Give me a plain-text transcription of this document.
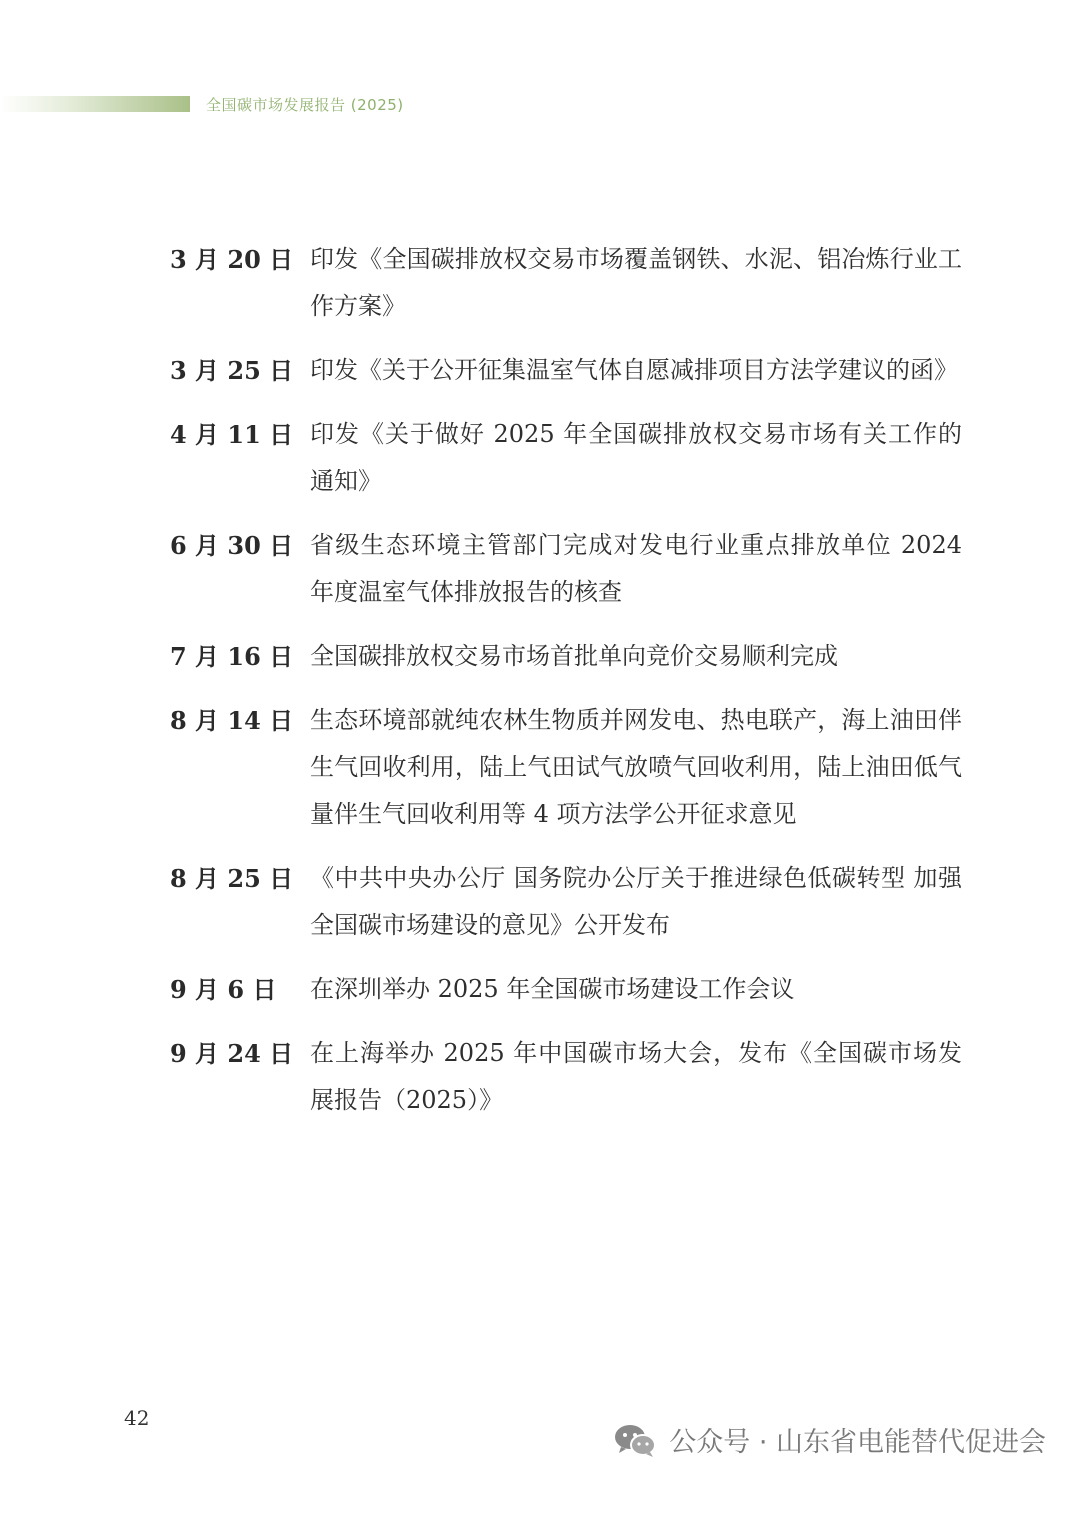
全国碳市场发展报告 (2025)
3 月 20 日 印发《全国碳排放权交易市场覆盖钢铁、水泥、铝冶炼行业工作方案》
3 月 25 日 印发《关于公开征集温室气体自愿减排项目方法学建议的函》
4 月 11 日 印发《关于做好 2025 年全国碳排放权交易市场有关工作的通知》
6 月 30 日 省级生态环境主管部门完成对发电行业重点排放单位 2024 年度温室气体排放报告的核查
7 月 16 日 全国碳排放权交易市场首批单向竞价交易顺利完成
8 月 14 日 生态环境部就纯农林生物质并网发电、热电联产，海上油田伴生气回收利用，陆上气田试气放喷气回收利用，陆上油田低气量伴生气回收利用等 4 项方法学公开征求意见
8 月 25 日 《中共中央办公厅 国务院办公厅关于推进绿色低碳转型 加强全国碳市场建设的意见》公开发布
9 月 6 日	在深圳举办 2025 年全国碳市场建设工作会议
9 月 24 日 在上海举办 2025 年中国碳市场大会，发布《全国碳市场发展报告（2025）》
42
公众号 · 山东省电能替代促进会
